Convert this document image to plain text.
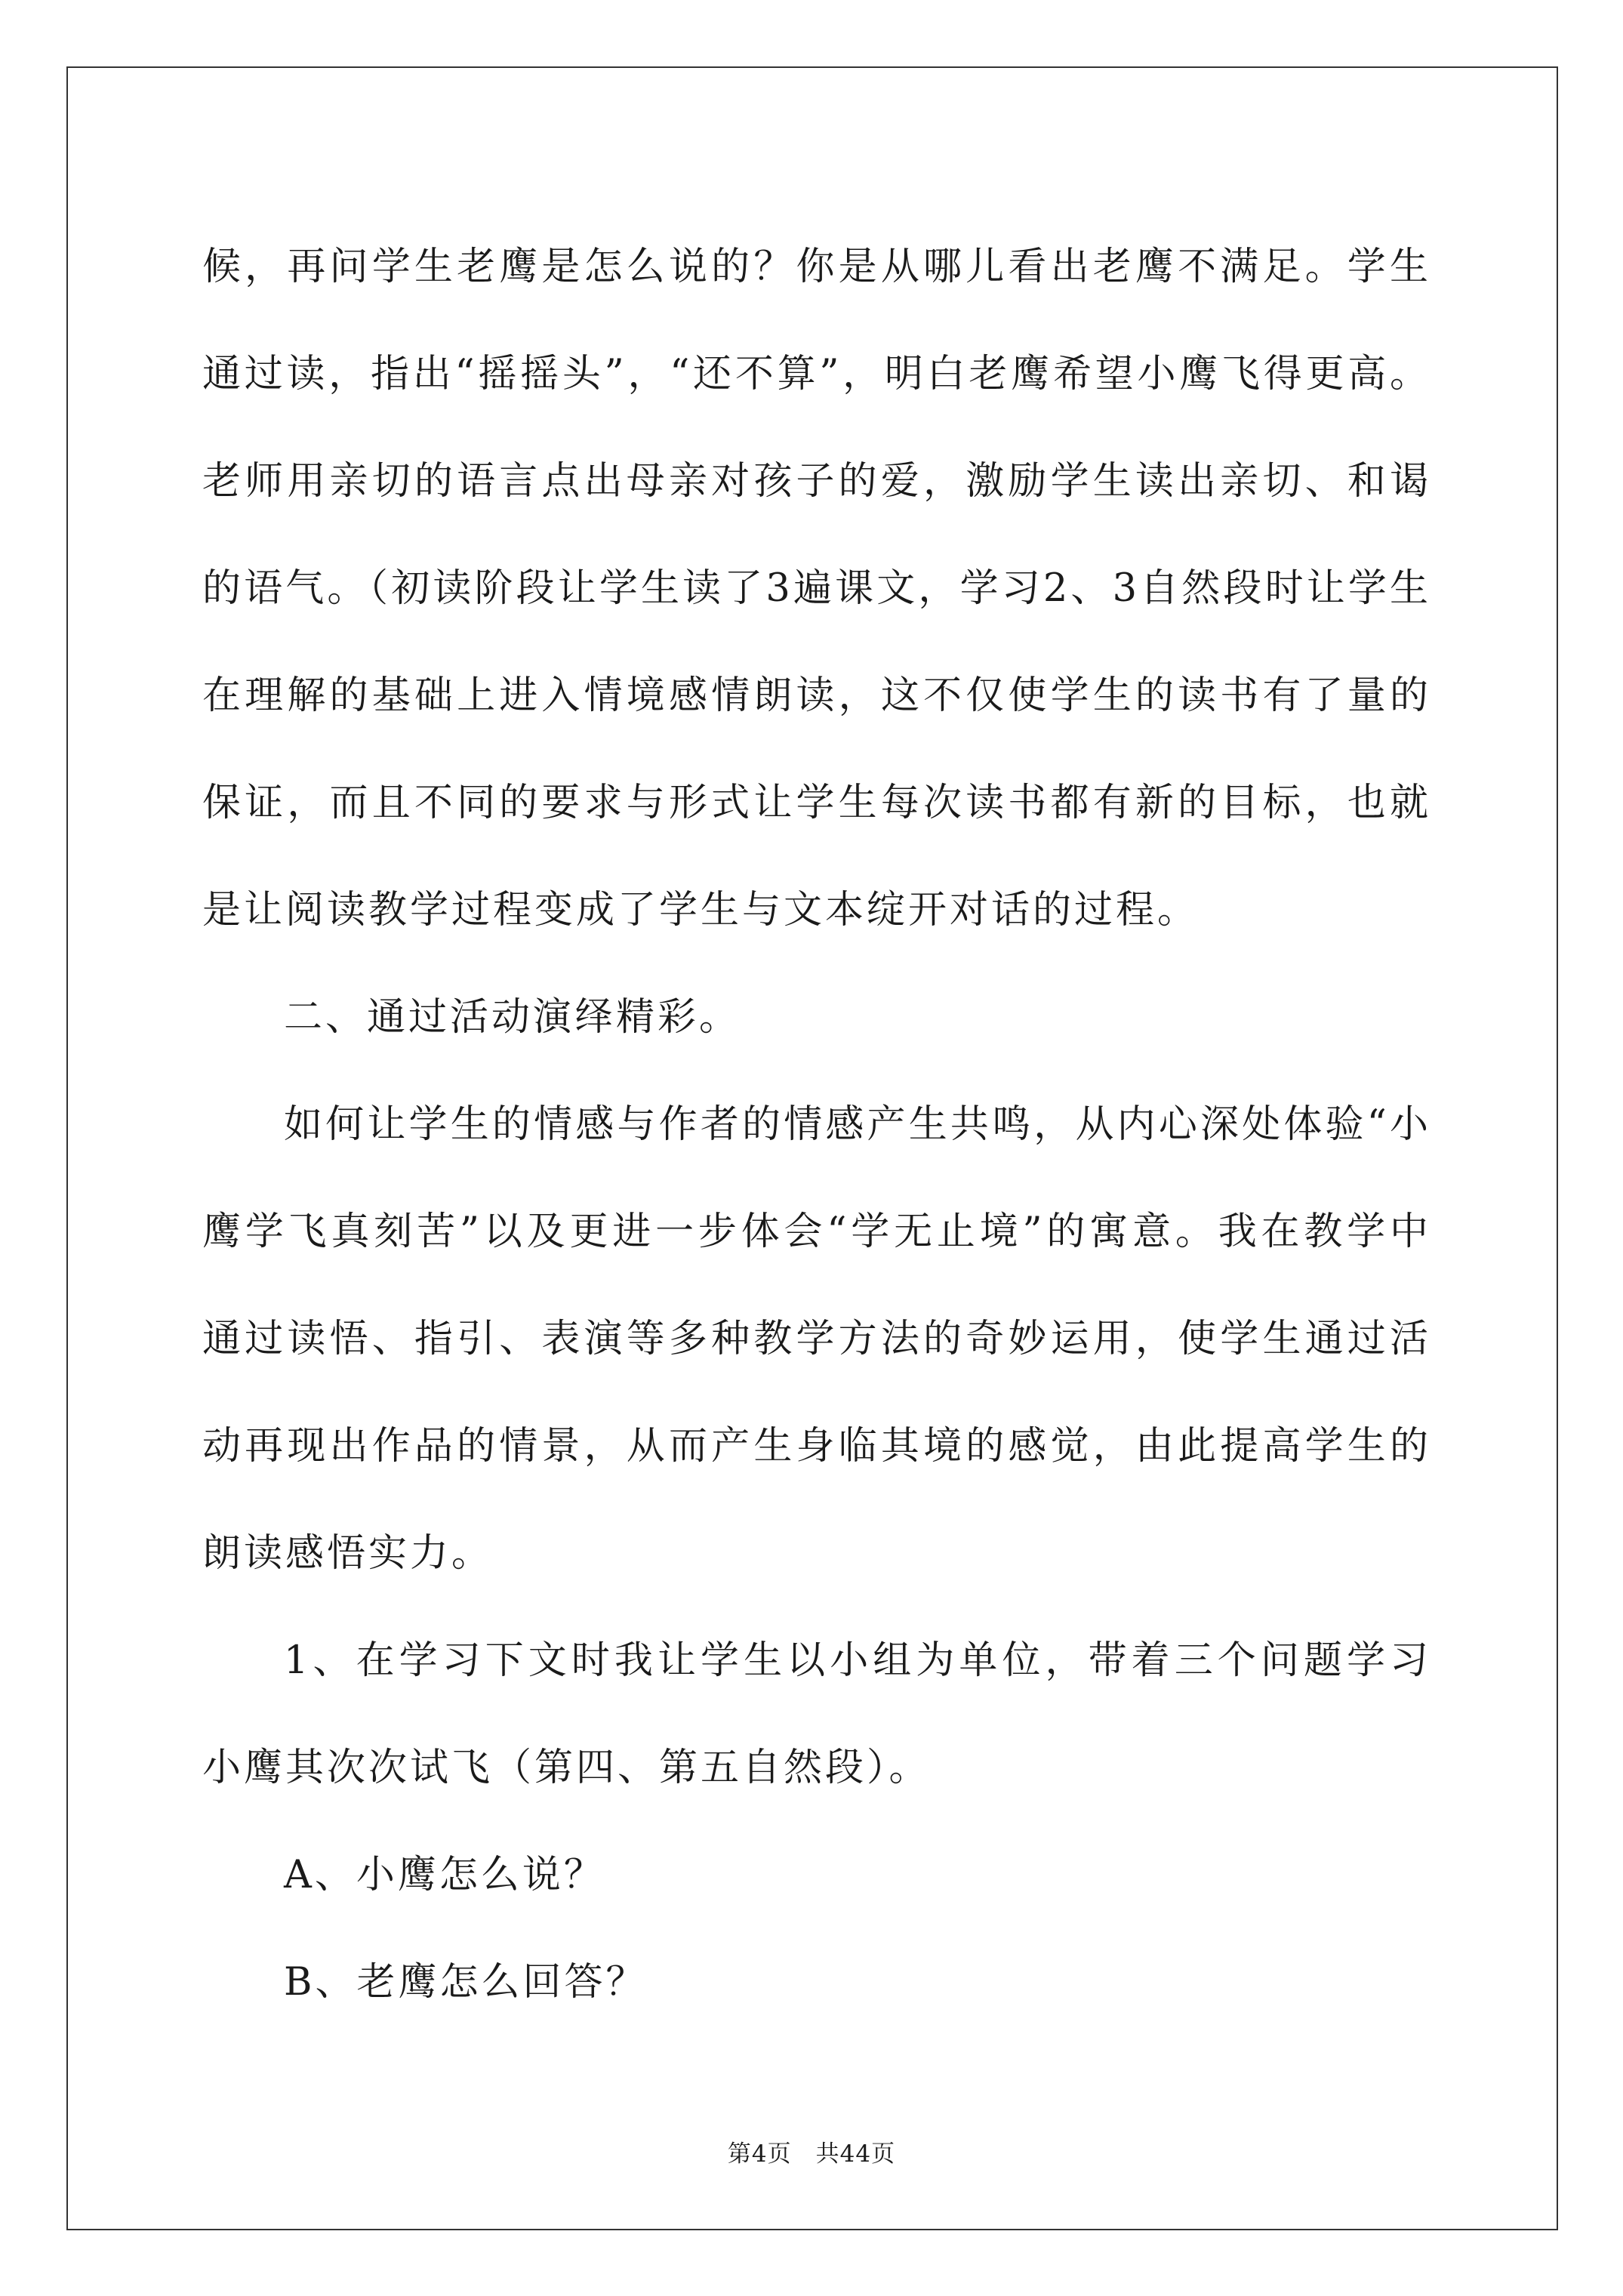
候，再问学生老鹰是怎么说的？你是从哪儿看出老鹰不满足。学生通过读，指出“摇摇头”，“还不算”，明白老鹰希望小鹰飞得更高。老师用亲切的语言点出母亲对孩子的爱，激励学生读出亲切、和谒的语气。（初读阶段让学生读了3遍课文，学习2、3自然段时让学生在理解的基础上进入情境感情朗读，这不仅使学生的读书有了量的保证，而且不同的要求与形式让学生每次读书都有新的目标，也就是让阅读教学过程变成了学生与文本绽开对话的过程。

二、通过活动演绎精彩。

如何让学生的情感与作者的情感产生共鸣，从内心深处体验“小鹰学飞真刻苦”以及更进一步体会“学无止境”的寓意。我在教学中通过读悟、指引、表演等多种教学方法的奇妙运用，使学生通过活动再现出作品的情景，从而产生身临其境的感觉，由此提高学生的朗读感悟实力。

1、在学习下文时我让学生以小组为单位，带着三个问题学习小鹰其次次试飞（第四、第五自然段）。

A、小鹰怎么说？

B、老鹰怎么回答？

第4页　共44页
